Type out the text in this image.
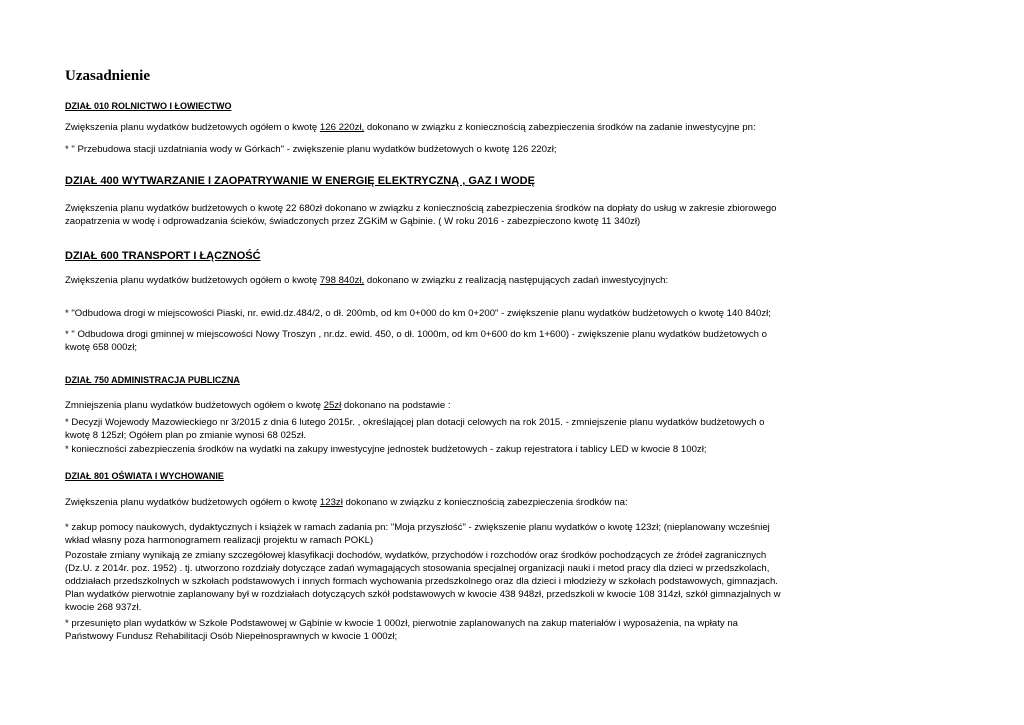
Uzasadnienie
DZIAŁ 010 ROLNICTWO I ŁOWIECTWO
Zwiększenia planu wydatków budżetowych ogółem o kwotę 126 220zł, dokonano w związku z koniecznością zabezpieczenia środków na zadanie inwestycyjne pn:
* " Przebudowa stacji uzdatniania wody w Górkach" - zwiększenie planu wydatków budżetowych o kwotę 126 220zł;
DZIAŁ 400 WYTWARZANIE I ZAOPATRYWANIE W ENERGIĘ ELEKTRYCZNĄ , GAZ I WODĘ
Zwiększenia planu wydatków budżetowych o kwotę 22 680zł dokonano w związku z koniecznością zabezpieczenia środków na dopłaty do usług w zakresie zbiorowego
zaopatrzenia w wodę i odprowadzania ścieków, świadczonych przez ZGKiM w Gąbinie. ( W roku 2016 - zabezpieczono kwotę 11 340zł)
DZIAŁ 600 TRANSPORT I ŁĄCZNOŚĆ
Zwiększenia planu wydatków budżetowych ogółem o kwotę 798 840zł, dokonano w związku z realizacją następujących zadań inwestycyjnych:
* "Odbudowa drogi w miejscowości Piaski, nr. ewid.dz.484/2, o dł. 200mb, od km 0+000 do km 0+200" - zwiększenie planu wydatków budżetowych o kwotę 140 840zł;
* " Odbudowa drogi gminnej w miejscowości Nowy Troszyn , nr.dz. ewid. 450, o dł. 1000m, od km 0+600 do km 1+600) - zwiększenie planu wydatków budżetowych o
kwotę 658 000zł;
DZIAŁ 750 ADMINISTRACJA PUBLICZNA
Zmniejszenia planu wydatków budżetowych ogółem o kwotę 25zł dokonano na podstawie :
* Decyzji Wojewody Mazowieckiego nr 3/2015 z dnia 6 lutego 2015r. , określającej plan dotacji celowych na rok 2015. - zmniejszenie planu wydatków budżetowych o
kwotę 8 125zł; Ogółem plan po zmianie wynosi 68 025zł.
* konieczności zabezpieczenia środków na wydatki na zakupy inwestycyjne jednostek budżetowych - zakup rejestratora i tablicy LED w kwocie 8 100zł;
DZIAŁ 801 OŚWIATA I WYCHOWANIE
Zwiększenia planu wydatków budżetowych ogółem o kwotę 123zł dokonano w związku z koniecznością zabezpieczenia środków na:
* zakup pomocy naukowych, dydaktycznych i książek w ramach zadania pn: "Moja przyszłość" - zwiększenie planu wydatków o kwotę 123zł; (nieplanowany wcześniej
wkład własny poza harmonogramem realizacji projektu w ramach POKL)
Pozostałe zmiany wynikają ze zmiany szczegółowej klasyfikacji dochodów, wydatków, przychodów i rozchodów oraz środków pochodzących ze źródeł zagranicznych
(Dz.U. z 2014r. poz. 1952) . tj. utworzono rozdziały dotyczące zadań wymagających stosowania specjalnej organizacji nauki i metod pracy dla dzieci w przedszkolach,
oddziałach przedszkolnych w szkołach podstawowych i innych formach wychowania przedszkolnego oraz dla dzieci i młodzieży w szkołach podstawowych, gimnazjach.
Plan wydatków pierwotnie zaplanowany był w rozdziałach dotyczących szkół podstawowych w kwocie 438 948zł, przedszkoli w kwocie 108 314zł, szkół gimnazjalnych w
kwocie 268 937zł.
* przesunięto plan wydatków w Szkole Podstawowej w Gąbinie w kwocie 1 000zł, pierwotnie zaplanowanych na zakup materiałów i wyposażenia, na wpłaty na
Państwowy Fundusz Rehabilitacji Osób Niepełnosprawnych w kwocie 1 000zł;
